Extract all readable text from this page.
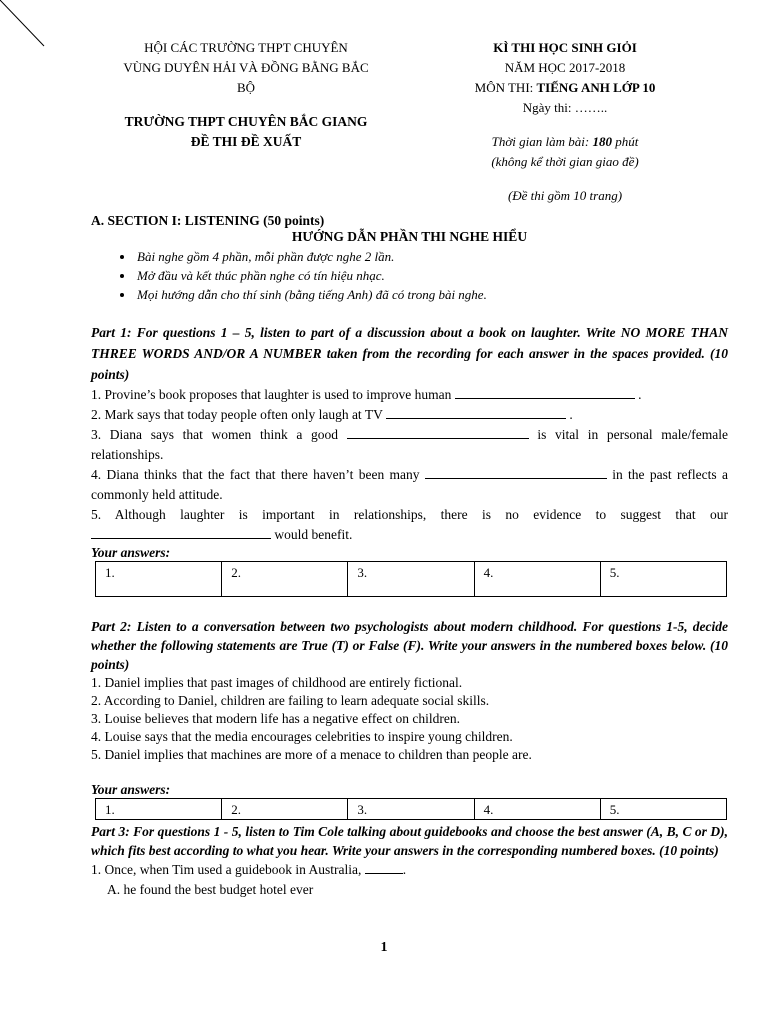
HỘI CÁC TRƯỜNG THPT CHUYÊN
VÙNG DUYÊN HẢI VÀ ĐỒNG BẰNG BẮC
BỘ
TRƯỜNG THPT CHUYÊN BẮC GIANG
ĐỀ THI ĐỀ XUẤT
KÌ THI HỌC SINH GIỎI
NĂM HỌC 2017-2018
MÔN THI: TIẾNG ANH LỚP 10
Ngày thi: ……..
Thời gian làm bài: 180 phút
(không kể thời gian giao đề)
(Đề thi gồm 10 trang)
A. SECTION I: LISTENING (50 points)
HƯỚNG DẪN PHẦN THI NGHE HIỂU
• Bài nghe gồm 4 phần, mỗi phần được nghe 2 lần.
• Mở đầu và kết thúc phần nghe có tín hiệu nhạc.
• Mọi hướng dẫn cho thí sinh (bằng tiếng Anh) đã có trong bài nghe.
Part 1: For questions 1 – 5, listen to part of a discussion about a book on laughter. Write NO MORE THAN THREE WORDS AND/OR A NUMBER taken from the recording for each answer in the spaces provided. (10 points)
1. Provine’s book proposes that laughter is used to improve human	.
2. Mark says that today people often only laugh at TV	.
3. Diana says that women think a good	is vital in personal male/female relationships.
4. Diana thinks that the fact that there haven’t been many	in the past reflects a commonly held attitude.
5. Although laughter is important in relationships, there is no evidence to suggest that our  would benefit.
Your answers:
1.	2.	3.	4.	5.
Part 2: Listen to a conversation between two psychologists about modern childhood. For questions 1-5, decide whether the following statements are True (T) or False (F). Write your answers in the numbered boxes below. (10 points)
1. Daniel implies that past images of childhood are entirely fictional.
2. According to Daniel, children are failing to learn adequate social skills.
3. Louise believes that modern life has a negative effect on children.
4. Louise says that the media encourages celebrities to inspire young children.
5. Daniel implies that machines are more of a menace to children than people are.
Your answers:
1.	2.	3.	4.	5.
Part 3: For questions 1 - 5, listen to Tim Cole talking about guidebooks and choose the best answer (A, B, C or D), which fits best according to what you hear. Write your answers in the corresponding numbered boxes. (10 points)
1. Once, when Tim used a guidebook in Australia,	.
A. he found the best budget hotel ever
1
